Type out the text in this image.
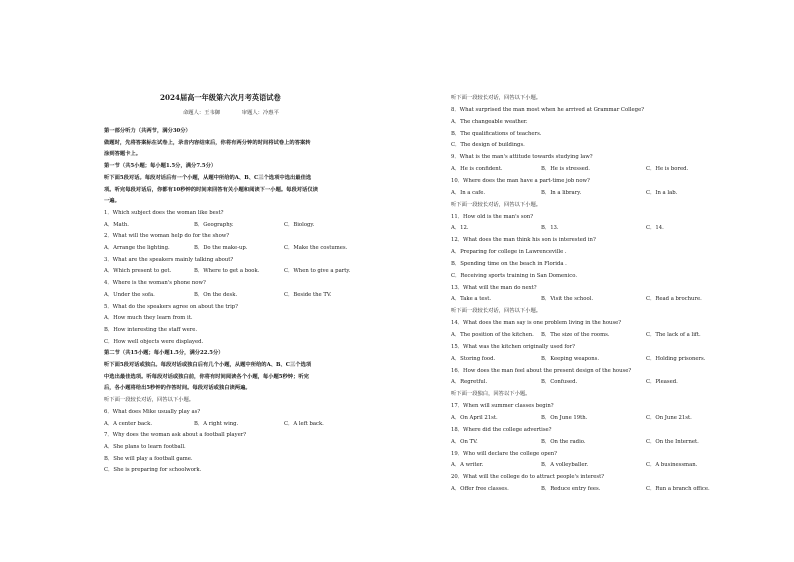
2024届高一年级第六次月考英语试卷
命题人：王韦御	审题人：冷惠平
第一部分听力（共两节，满分30分）
做题时，先将答案标在试卷上，录音内容结束后，你将有两分钟的时间将试卷上的答案转
涂到答题卡上。
第一节（共5小题；每小题1.5分，满分7.5分）
听下面5段对话。每段对话后有一个小题，从题中所给的A、B、C三个选项中选出最佳选
项。听完每段对话后，你都有10秒钟的时间来回答有关小题和阅读下一小题。每段对话仅读
一遍。
1．Which subject does the woman like best?
A．Math.	B．Geography.	C．Biology.
2．What will the woman help do for the show?
A．Arrange the lighting.	B．Do the make-up.	C．Make the costumes.
3．What are the speakers mainly talking about?
A．Which present to get.	B．Where to get a book.	C．When to give a party.
4．Where is the woman's phone now?
A．Under the sofa.	B．On the desk.	C．Beside the TV.
5．What do the speakers agree on about the trip?
A．How much they learn from it.
B．How interesting the staff were.
C．How well objects were displayed.
第二节（共15小题；每小题1.5分，满分22.5分）
听下面5段对话或独白。每段对话或独白后有几个小题，从题中所给的A、B、C三个选项
中选出最佳选项。听每段对话或独白前，你将有时间阅读各个小题，每小题5秒钟；听完
后，各小题将给出5秒钟的作答时间。每段对话或独白读两遍。
听下面一段较长对话，回答以下小题。
6．What does Mike usually play as?
A．A center back.	B．A right wing.	C．A left back.
7．Why does the woman ask about a football player?
A．She plans to learn football.
B．She will play a football game.
C．She is preparing for schoolwork.
听下面一段较长对话，回答以下小题。
8．What surprised the man most when he arrived at Grammar College?
A．The changeable weather.
B．The qualifications of teachers.
C．The design of buildings.
9．What is the man's attitude towards studying law?
A．He is confident.	B．He is stressed.	C．He is bored.
10．Where does the man have a part-time job now?
A．In a cafe.	B．In a library.	C．In a lab.
听下面一段较长对话，回答以下小题。
11．How old is the man's son?
A．12.	B．13.	C．14.
12．What does the man think his son is interested in?
A．Preparing for college in Lawrenceville .
B．Spending time on the beach in Florida .
C．Receiving sports training in San Domenico.
13．What will the man do next?
A．Take a test.	B．Visit the school.	C．Read a brochure.
听下面一段较长对话，回答以下小题。
14．What does the man say is one problem living in the house?
A．The position of the kitchen. B．The size of the rooms.	C．The lack of a lift.
15．What was the kitchen originally used for?
A．Storing food.	B．Keeping weapons.	C．Holding prisoners.
16．How does the man feel about the present design of the house?
A．Regretful.	B．Confused.	C．Pleased.
听下面一段独白，回答以下小题。
17．When will summer classes begin?
A．On April 21st.	B．On June 19th.	C．On June 21st.
18．Where did the college advertise?
A．On TV.	B．On the radio.	C．On the Internet.
19．Who will declare the college open?
A．A writer.	B．A volleyballer.	C．A businessman.
20．What will the college do to attract people's interest?
A．Offer free classes.	B．Reduce entry fees.	C．Run a branch office.
